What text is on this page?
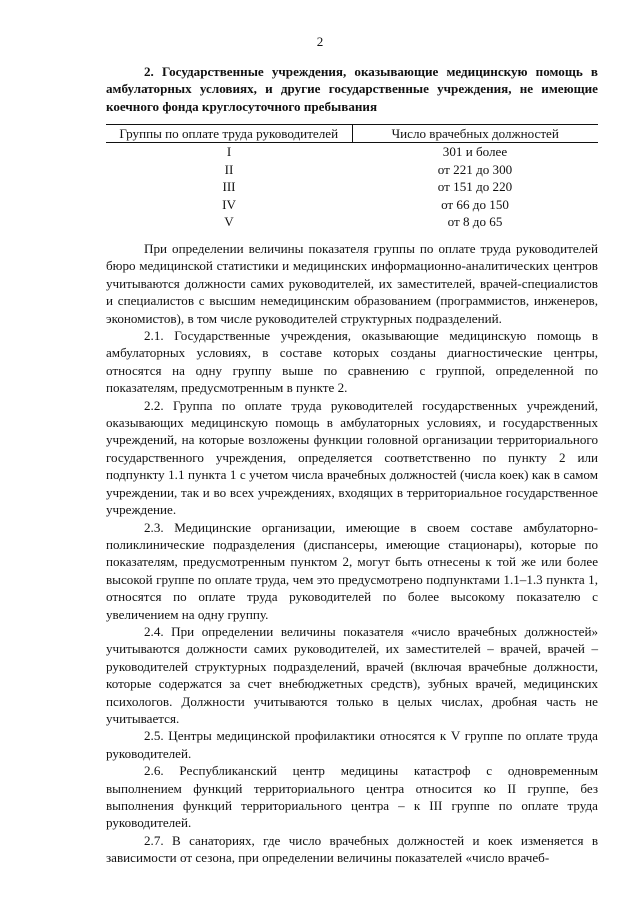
2

2. Государственные учреждения, оказывающие медицинскую помощь в амбулаторных условиях, и другие государственные учреждения, не имеющие коечного фонда круглосуточного пребывания

Группы по оплате труда руководителей	Число врачебных должностей
I	301 и более
II	от 221 до 300
III	от 151 до 220
IV	от 66 до 150
V	от 8 до 65

При определении величины показателя группы по оплате труда руководителей бюро медицинской статистики и медицинских информационно-аналитических центров учитываются должности самих руководителей, их заместителей, врачей-специалистов и специалистов с высшим немедицинским образованием (программистов, инженеров, экономистов), в том числе руководителей структурных подразделений.

2.1. Государственные учреждения, оказывающие медицинскую помощь в амбулаторных условиях, в составе которых созданы диагностические центры, относятся на одну группу выше по сравнению с группой, определенной по показателям, предусмотренным в пункте 2.

2.2. Группа по оплате труда руководителей государственных учреждений, оказывающих медицинскую помощь в амбулаторных условиях, и государственных учреждений, на которые возложены функции головной организации территориального государственного учреждения, определяется соответственно по пункту 2 или подпункту 1.1 пункта 1 с учетом числа врачебных должностей (числа коек) как в самом учреждении, так и во всех учреждениях, входящих в территориальное государственное учреждение.

2.3. Медицинские организации, имеющие в своем составе амбулаторно-поликлинические подразделения (диспансеры, имеющие стационары), которые по показателям, предусмотренным пунктом 2, могут быть отнесены к той же или более высокой группе по оплате труда, чем это предусмотрено подпунктами 1.1–1.3 пункта 1, относятся по оплате труда руководителей по более высокому показателю с увеличением на одну группу.

2.4. При определении величины показателя «число врачебных должностей» учитываются должности самих руководителей, их заместителей – врачей, врачей – руководителей структурных подразделений, врачей (включая врачебные должности, которые содержатся за счет внебюджетных средств), зубных врачей, медицинских психологов. Должности учитываются только в целых числах, дробная часть не учитывается.

2.5. Центры медицинской профилактики относятся к V группе по оплате труда руководителей.

2.6. Республиканский центр медицины катастроф с одновременным выполнением функций территориального центра относится ко II группе, без выполнения функций территориального центра – к III группе по оплате труда руководителей.

2.7. В санаториях, где число врачебных должностей и коек изменяется в зависимости от сезона, при определении величины показателей «число врачеб-
